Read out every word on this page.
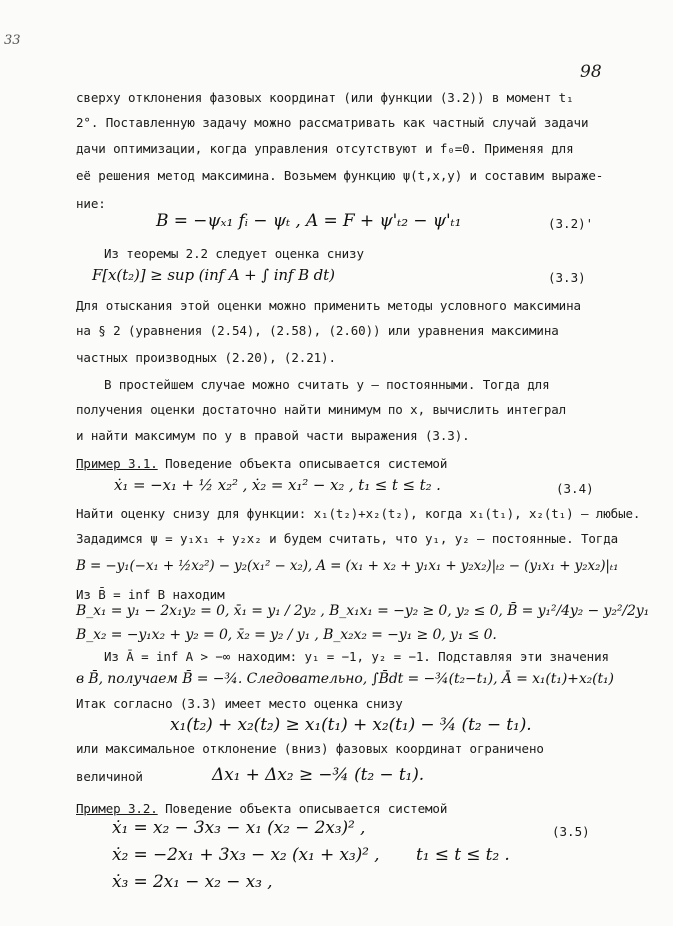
33
98
сверху отклонения фазовых координат (или функции (3.2)) в момент t₁
2°. Поставленную задачу можно рассматривать как частный случай задачи
дачи оптимизации, когда управления отсутствуют и f₀=0. Применяя для
её решения метод максимина. Возьмем функцию ψ(t,x,y) и составим выраже-
ние:
B = −ψₓ₁ fᵢ − ψₜ , A = F + ψ'ₜ₂ − ψ'ₜ₁	(3.2)'
Из теоремы 2.2 следует оценка снизу
F[x(t₂)] ≥ sup (inf A + ∫ inf B dt)	(3.3)
Для отыскания этой оценки можно применить методы условного максимина
на § 2 (уравнения (2.54), (2.58), (2.60)) или уравнения максимина
частных производных (2.20), (2.21).
В простейшем случае можно считать y – постоянными. Тогда для
получения оценки достаточно найти минимум по x, вычислить интеграл
и найти максимум по y в правой части выражения (3.3).
Пример 3.1. Поведение объекта описывается системой
ẋ₁ = −x₁ + ½ x₂² , ẋ₂ = x₁² − x₂ , t₁ ≤ t ≤ t₂ .	(3.4)
Найти оценку снизу для функции: x₁(t₂)+x₂(t₂), когда x₁(t₁), x₂(t₁) – любые.
Зададимся ψ = y₁x₁ + y₂x₂ и будем считать, что y₁, y₂ – постоянные. Тогда
B = −y₁(−x₁ + ½x₂²) − y₂(x₁² − x₂), A = (x₁ + x₂ + y₁x₁ + y₂x₂)|ₜ₂ − (y₁x₁ + y₂x₂)|ₜ₁
Из B̄ = inf B находим
B_x₁ = y₁ − 2x₁y₂ = 0, x̄₁ = y₁ / 2y₂ , B_x₁x₁ = −y₂ ≥ 0, y₂ ≤ 0, B̄ = y₁²/4y₂ − y₂²/2y₁
B_x₂ = −y₁x₂ + y₂ = 0, x̄₂ = y₂ / y₁ , B_x₂x₂ = −y₁ ≥ 0, y₁ ≤ 0.
Из Ā = inf A > −∞ находим: y₁ = −1, y₂ = −1. Подставляя эти значения
в B̄, получаем B̄ = −¾. Следовательно, ∫B̄dt = −¾(t₂−t₁), Ā = x₁(t₁)+x₂(t₁)
Итак согласно (3.3) имеет место оценка снизу
x₁(t₂) + x₂(t₂) ≥ x₁(t₁) + x₂(t₁) − ¾ (t₂ − t₁).
или максимальное отклонение (вниз) фазовых координат ограничено
величиной	Δx₁ + Δx₂ ≥ −¾ (t₂ − t₁).
Пример 3.2. Поведение объекта описывается системой
ẋ₁ = x₂ − 3x₃ − x₁ (x₂ − 2x₃)² ,	(3.5)
ẋ₂ = −2x₁ + 3x₃ − x₂ (x₁ + x₃)² , t₁ ≤ t ≤ t₂ .
ẋ₃ = 2x₁ − x₂ − x₃ ,
